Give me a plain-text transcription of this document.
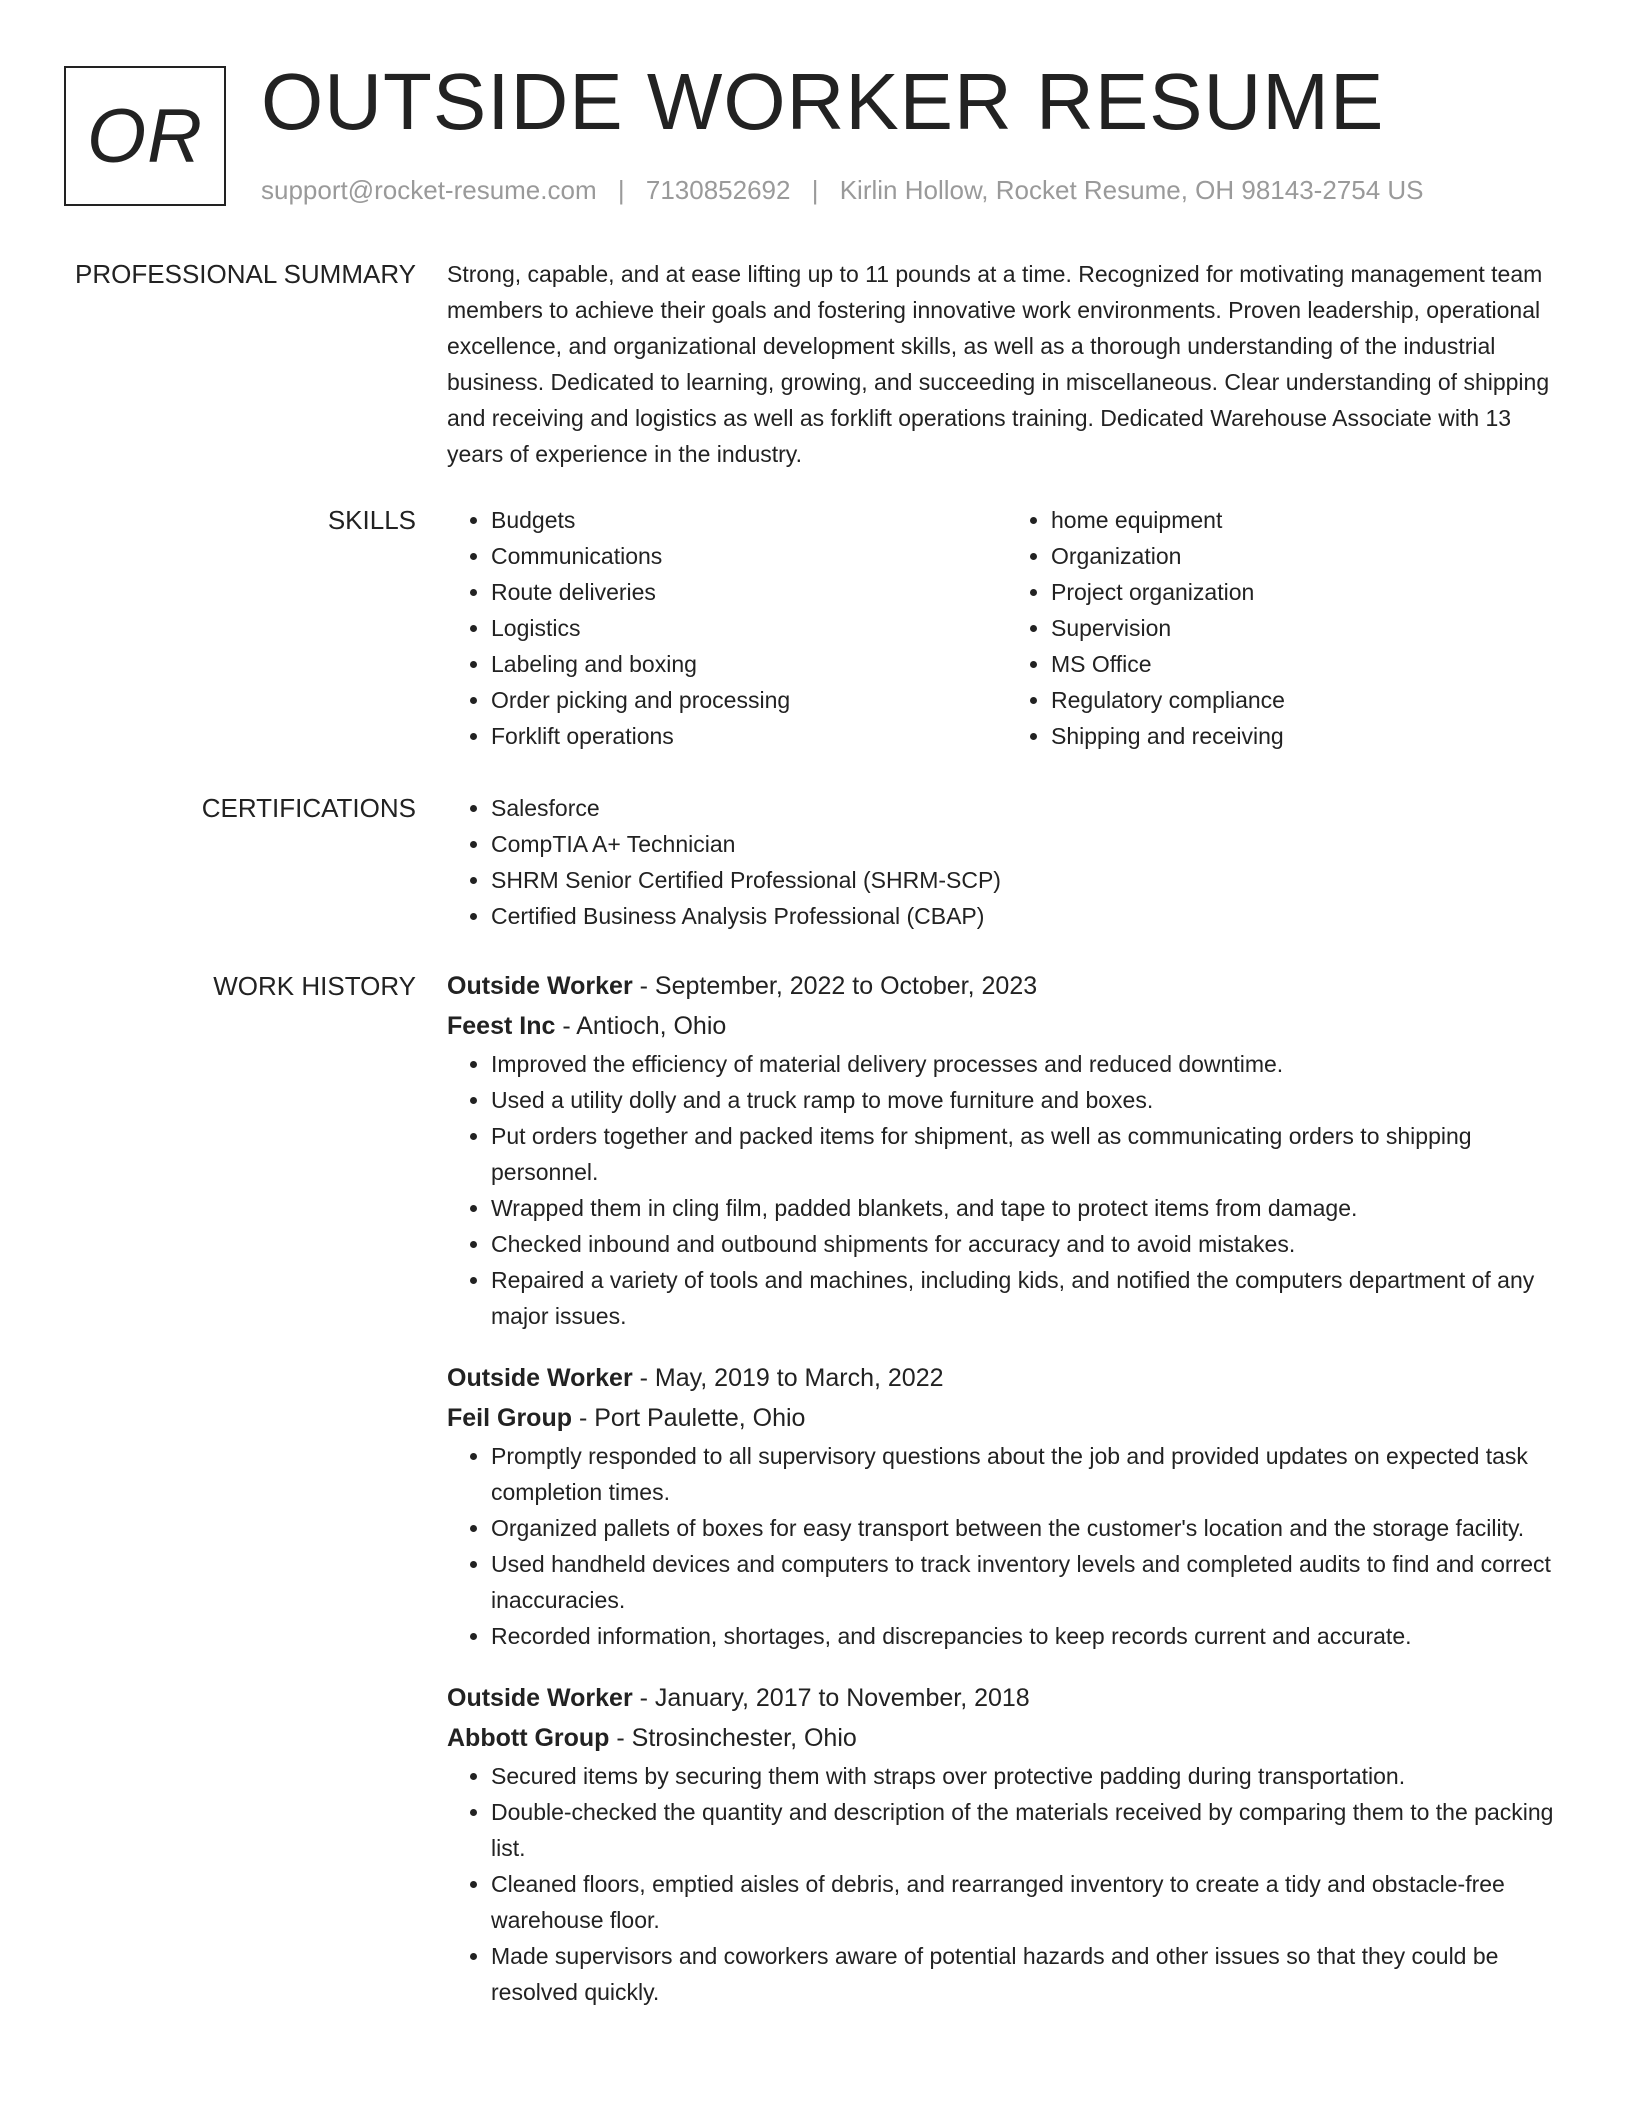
OR OUTSIDE WORKER RESUME
support@rocket-resume.com | 7130852692 | Kirlin Hollow, Rocket Resume, OH 98143-2754 US
PROFESSIONAL SUMMARY Strong, capable, and at ease lifting up to 11 pounds at a time. Recognized for motivating management team members to achieve their goals and fostering innovative work environments. Proven leadership, operational excellence, and organizational development skills, as well as a thorough understanding of the industrial business. Dedicated to learning, growing, and succeeding in miscellaneous. Clear understanding of shipping and receiving and logistics as well as forklift operations training. Dedicated Warehouse Associate with 13 years of experience in the industry.
SKILLS	• Budgets
• Communications
• Route deliveries
• Logistics
• Labeling and boxing
• Order picking and processing
• Forklift operations
• home equipment
• Organization
• Project organization
• Supervision
• MS Office
• Regulatory compliance
• Shipping and receiving
CERTIFICATIONS	• Salesforce
• CompTIA A+ Technician
• SHRM Senior Certified Professional (SHRM-SCP)
• Certified Business Analysis Professional (CBAP)
WORK HISTORY Outside Worker - September, 2022 to October, 2023
Feest Inc - Antioch, Ohio
• Improved the efficiency of material delivery processes and reduced downtime.
• Used a utility dolly and a truck ramp to move furniture and boxes.
• Put orders together and packed items for shipment, as well as communicating orders to shipping personnel.
• Wrapped them in cling film, padded blankets, and tape to protect items from damage.
• Checked inbound and outbound shipments for accuracy and to avoid mistakes.
• Repaired a variety of tools and machines, including kids, and notified the computers department of any major issues.
Outside Worker - May, 2019 to March, 2022
Feil Group - Port Paulette, Ohio
• Promptly responded to all supervisory questions about the job and provided updates on expected task completion times.
• Organized pallets of boxes for easy transport between the customer's location and the storage facility.
• Used handheld devices and computers to track inventory levels and completed audits to find and correct inaccuracies.
• Recorded information, shortages, and discrepancies to keep records current and accurate.
Outside Worker - January, 2017 to November, 2018
Abbott Group - Strosinchester, Ohio
• Secured items by securing them with straps over protective padding during transportation.
• Double-checked the quantity and description of the materials received by comparing them to the packing list.
• Cleaned floors, emptied aisles of debris, and rearranged inventory to create a tidy and obstacle-free warehouse floor.
• Made supervisors and coworkers aware of potential hazards and other issues so that they could be resolved quickly.
